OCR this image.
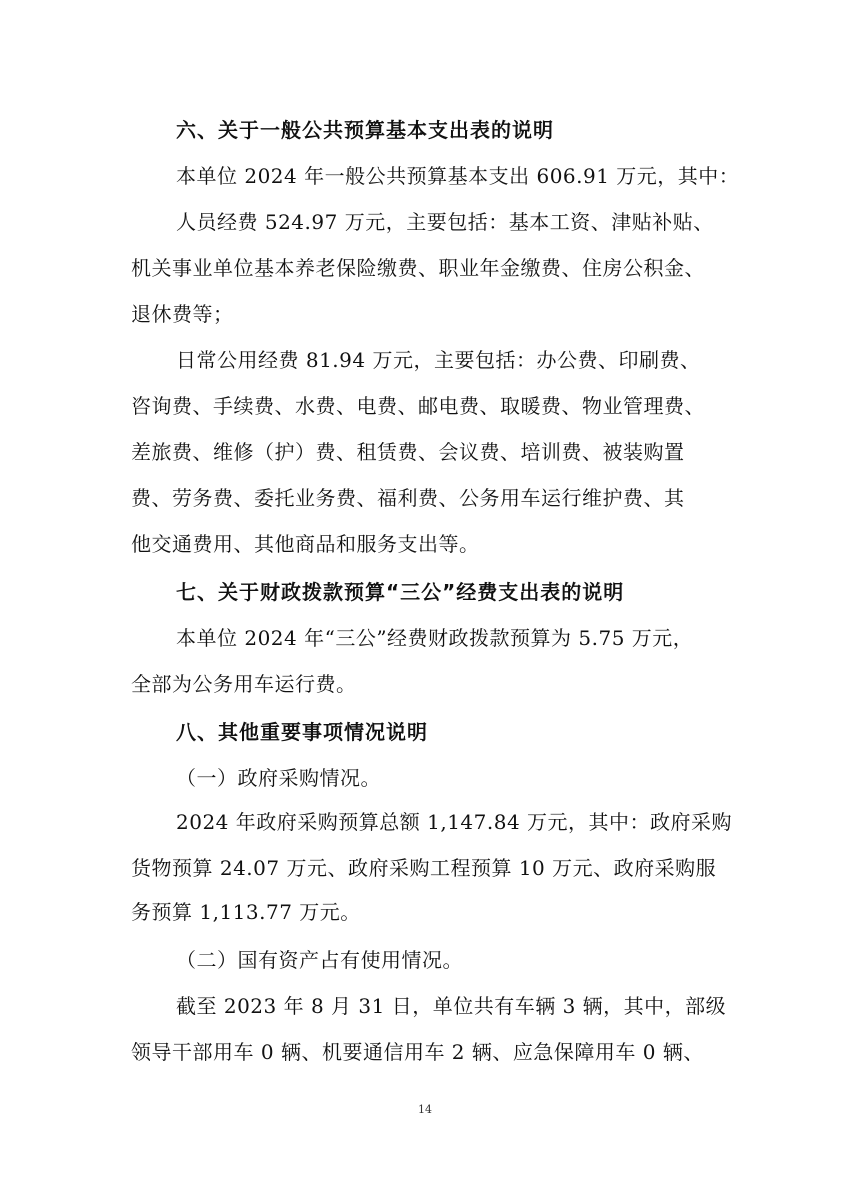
六、关于一般公共预算基本支出表的说明
本单位 2024 年一般公共预算基本支出 606.91 万元，其中：
人员经费 524.97 万元，主要包括：基本工资、津贴补贴、
机关事业单位基本养老保险缴费、职业年金缴费、住房公积金、
退休费等；
日常公用经费 81.94 万元，主要包括：办公费、印刷费、
咨询费、手续费、水费、电费、邮电费、取暖费、物业管理费、
差旅费、维修（护）费、租赁费、会议费、培训费、被装购置
费、劳务费、委托业务费、福利费、公务用车运行维护费、其
他交通费用、其他商品和服务支出等。
七、关于财政拨款预算“三公”经费支出表的说明
本单位 2024 年“三公”经费财政拨款预算为 5.75 万元，
全部为公务用车运行费。
八、其他重要事项情况说明
（一）政府采购情况。
2024 年政府采购预算总额 1,147.84 万元，其中：政府采购
货物预算 24.07 万元、政府采购工程预算 10 万元、政府采购服
务预算 1,113.77 万元。
（二）国有资产占有使用情况。
截至 2023 年 8 月 31 日，单位共有车辆 3 辆，其中，部级
领导干部用车 0 辆、机要通信用车 2 辆、应急保障用车 0 辆、
14
